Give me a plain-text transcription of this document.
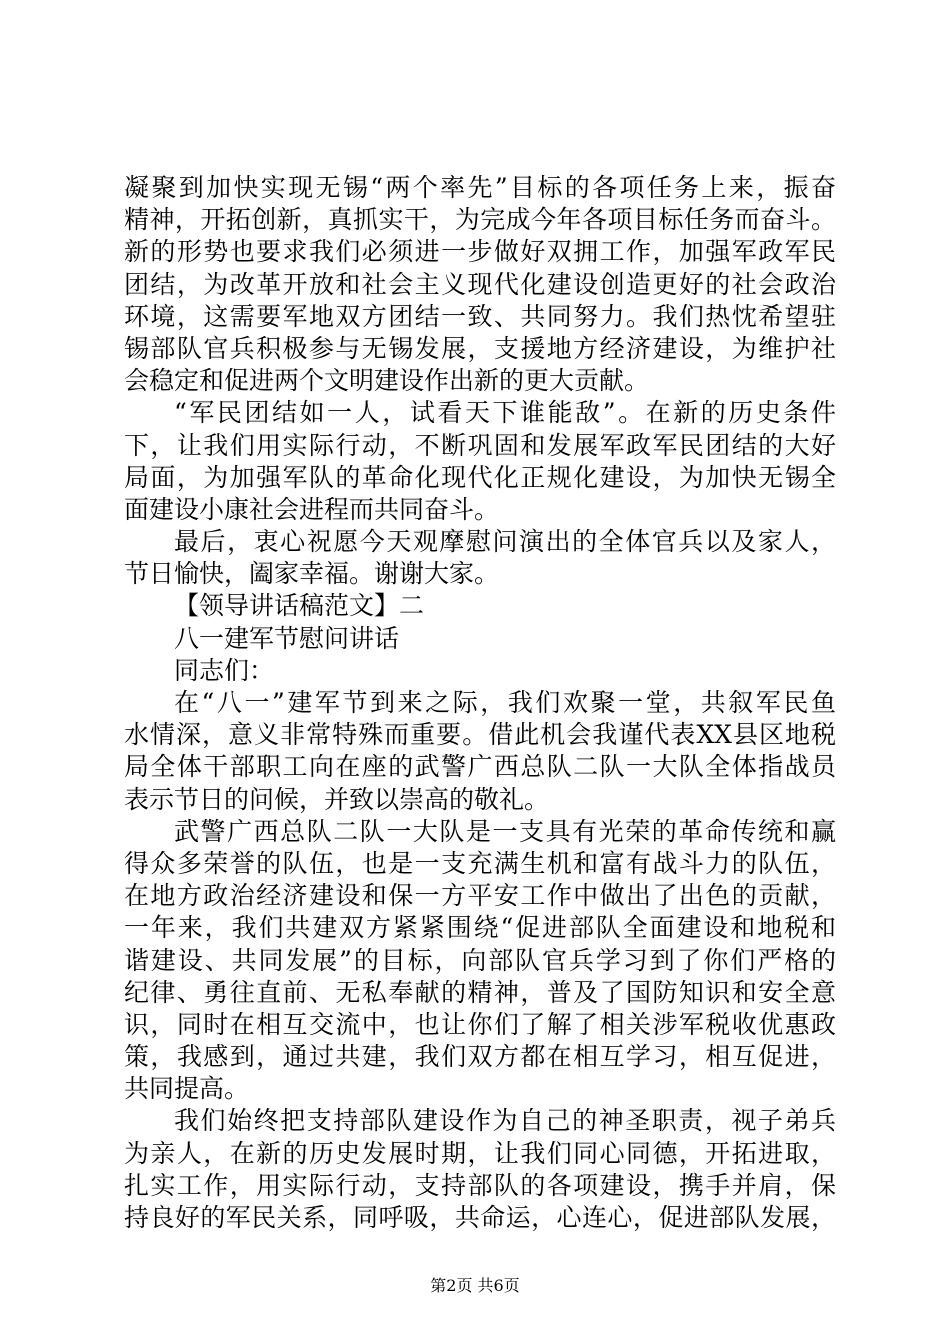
凝聚到加快实现无锡“两个率先”目标的各项任务上来，振奋
精神，开拓创新，真抓实干，为完成今年各项目标任务而奋斗。
新的形势也要求我们必须进一步做好双拥工作，加强军政军民
团结，为改革开放和社会主义现代化建设创造更好的社会政治
环境，这需要军地双方团结一致、共同努力。我们热忱希望驻
锡部队官兵积极参与无锡发展，支援地方经济建设，为维护社
会稳定和促进两个文明建设作出新的更大贡献。
“军民团结如一人，试看天下谁能敌”。在新的历史条件
下，让我们用实际行动，不断巩固和发展军政军民团结的大好
局面，为加强军队的革命化现代化正规化建设，为加快无锡全
面建设小康社会进程而共同奋斗。
最后，衷心祝愿今天观摩慰问演出的全体官兵以及家人，
节日愉快，阖家幸福。谢谢大家。
【领导讲话稿范文】二
八一建军节慰问讲话
同志们：
在“八一”建军节到来之际，我们欢聚一堂，共叙军民鱼
水情深，意义非常特殊而重要。借此机会我谨代表XX县区地税
局全体干部职工向在座的武警广西总队二队一大队全体指战员
表示节日的问候，并致以崇高的敬礼。
武警广西总队二队一大队是一支具有光荣的革命传统和赢
得众多荣誉的队伍，也是一支充满生机和富有战斗力的队伍，
在地方政治经济建设和保一方平安工作中做出了出色的贡献，
一年来，我们共建双方紧紧围绕“促进部队全面建设和地税和
谐建设、共同发展”的目标，向部队官兵学习到了你们严格的
纪律、勇往直前、无私奉献的精神，普及了国防知识和安全意
识，同时在相互交流中，也让你们了解了相关涉军税收优惠政
策，我感到，通过共建，我们双方都在相互学习，相互促进，
共同提高。
我们始终把支持部队建设作为自己的神圣职责，视子弟兵
为亲人，在新的历史发展时期，让我们同心同德，开拓进取，
扎实工作，用实际行动，支持部队的各项建设，携手并肩，保
持良好的军民关系，同呼吸，共命运，心连心，促进部队发展，
第2页 共6页
